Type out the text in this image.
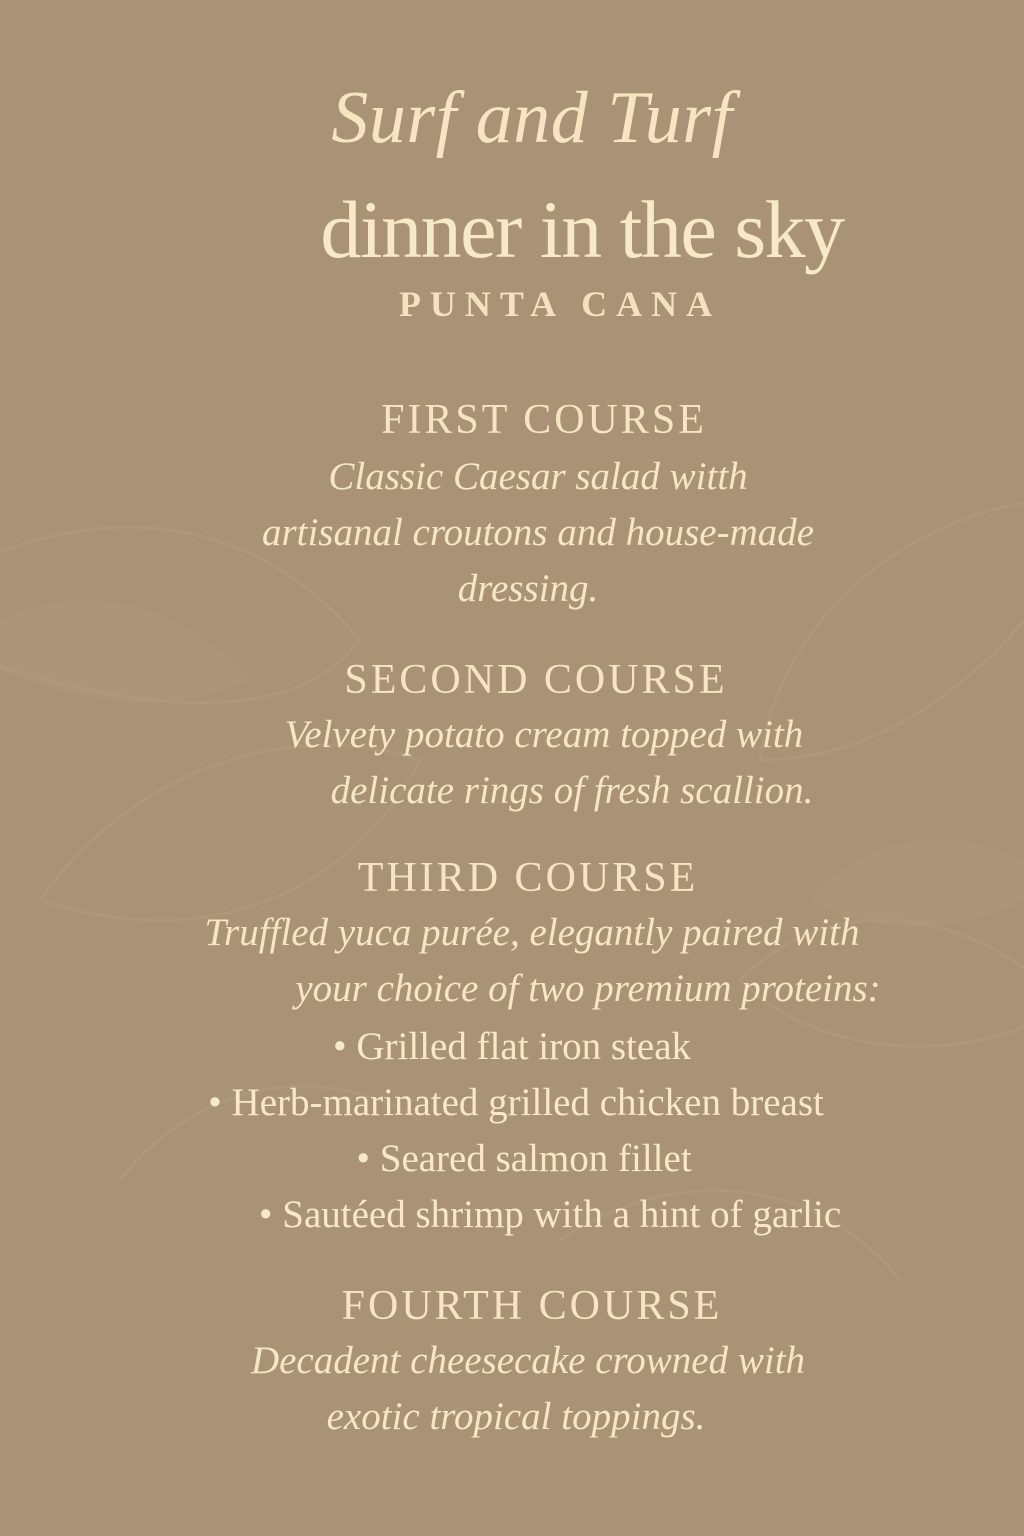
Surf and Turf
dinner in the sky
PUNTA CANA
FIRST COURSE
Classic Caesar salad witth
artisanal croutons and house-made
dressing.
SECOND COURSE
Velvety potato cream topped with
delicate rings of fresh scallion.
THIRD COURSE
Truffled yuca purée, elegantly paired with
your choice of two premium proteins:
• Grilled flat iron steak
• Herb-marinated grilled chicken breast
• Seared salmon fillet
• Sautéed shrimp with a hint of garlic
FOURTH COURSE
Decadent cheesecake crowned with
exotic tropical toppings.
